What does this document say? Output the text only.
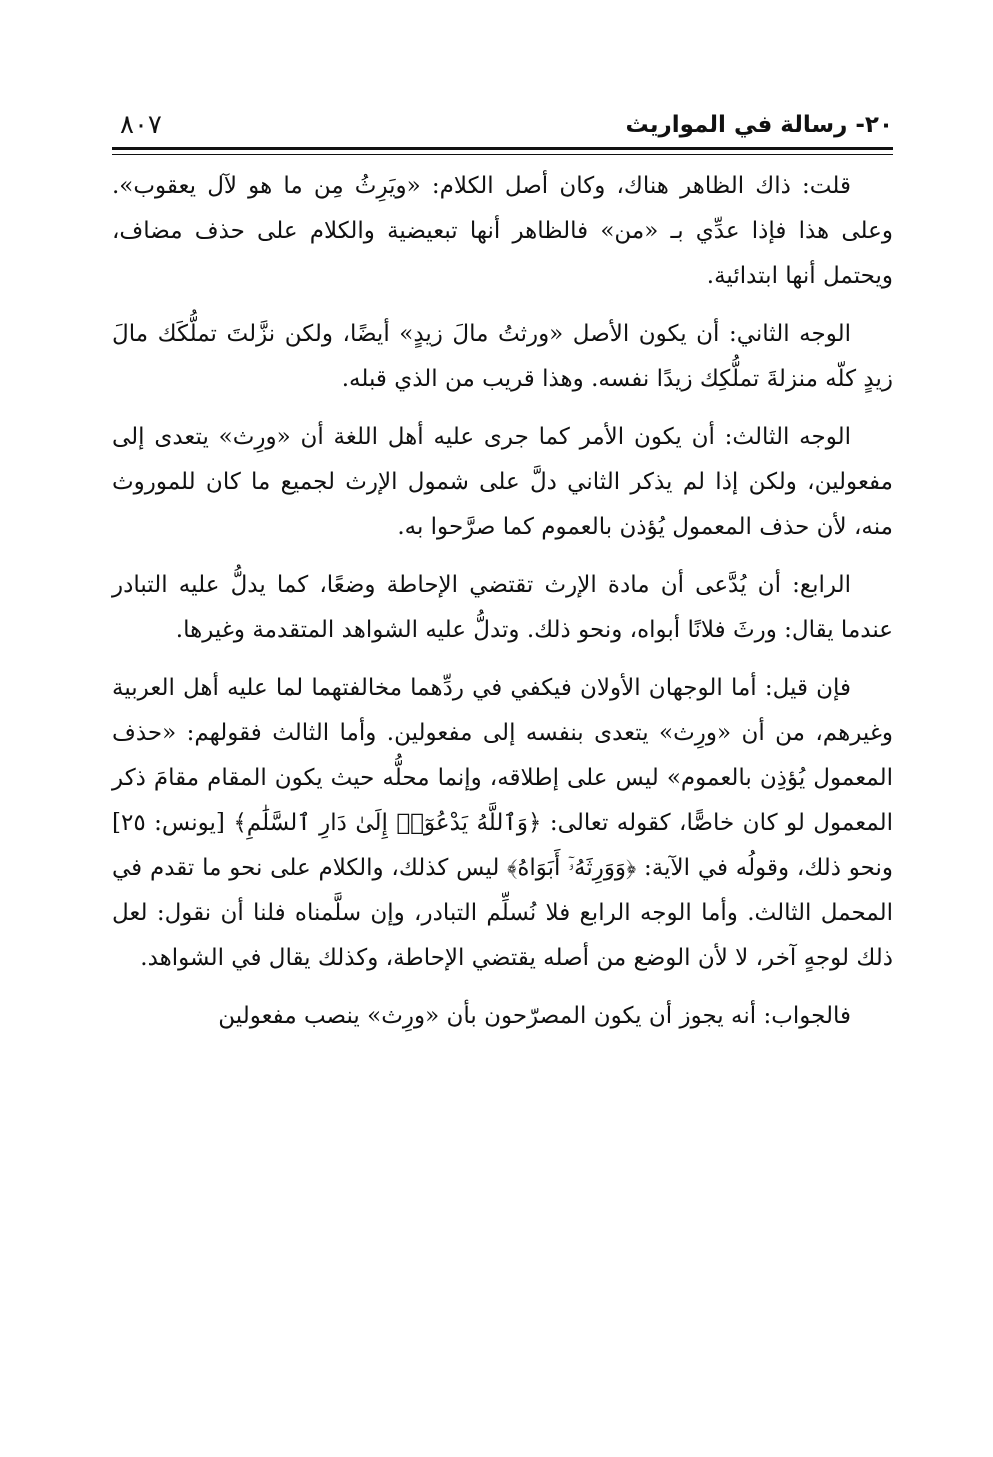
٢٠- رسالة في المواريث
٨٠٧

قلت: ذاك الظاهر هناك، وكان أصل الكلام: «ويَرِثُ مِن ما هو لآل يعقوب». وعلى هذا فإذا عدِّي بـ «من» فالظاهر أنها تبعيضية والكلام على حذف مضاف، ويحتمل أنها ابتدائية.

الوجه الثاني: أن يكون الأصل «ورثتُ مالَ زيدٍ» أيضًا، ولكن نزَّلتَ تملُّكَك مالَ زيدٍ كلّه منزلةَ تملُّكِك زيدًا نفسه. وهذا قريب من الذي قبله.

الوجه الثالث: أن يكون الأمر كما جرى عليه أهل اللغة أن «ورِث» يتعدى إلى مفعولين، ولكن إذا لم يذكر الثاني دلَّ على شمول الإرث لجميع ما كان للموروث منه، لأن حذف المعمول يُؤذن بالعموم كما صرَّحوا به.

الرابع: أن يُدَّعى أن مادة الإرث تقتضي الإحاطة وضعًا، كما يدلُّ عليه التبادر عندما يقال: ورثَ فلانًا أبواه، ونحو ذلك. وتدلُّ عليه الشواهد المتقدمة وغيرها.

فإن قيل: أما الوجهان الأولان فيكفي في ردِّهما مخالفتهما لما عليه أهل العربية وغيرهم، من أن «ورِث» يتعدى بنفسه إلى مفعولين. وأما الثالث فقولهم: «حذف المعمول يُؤذِن بالعموم» ليس على إطلاقه، وإنما محلُّه حيث يكون المقام مقامَ ذكر المعمول لو كان خاصًّا، كقوله تعالى: ﴿وَٱللَّهُ يَدْعُوٓا۟ إِلَىٰ دَارِ ٱلسَّلَٰمِ﴾ [يونس: ٢٥] ونحو ذلك، وقولُه في الآية: ﴿وَوَرِثَهُۥٓ أَبَوَاهُ﴾ ليس كذلك، والكلام على نحو ما تقدم في المحمل الثالث. وأما الوجه الرابع فلا نُسلِّم التبادر، وإن سلَّمناه فلنا أن نقول: لعل ذلك لوجهٍ آخر، لا لأن الوضع من أصله يقتضي الإحاطة، وكذلك يقال في الشواهد.

فالجواب: أنه يجوز أن يكون المصرّحون بأن «ورِث» ينصب مفعولين
